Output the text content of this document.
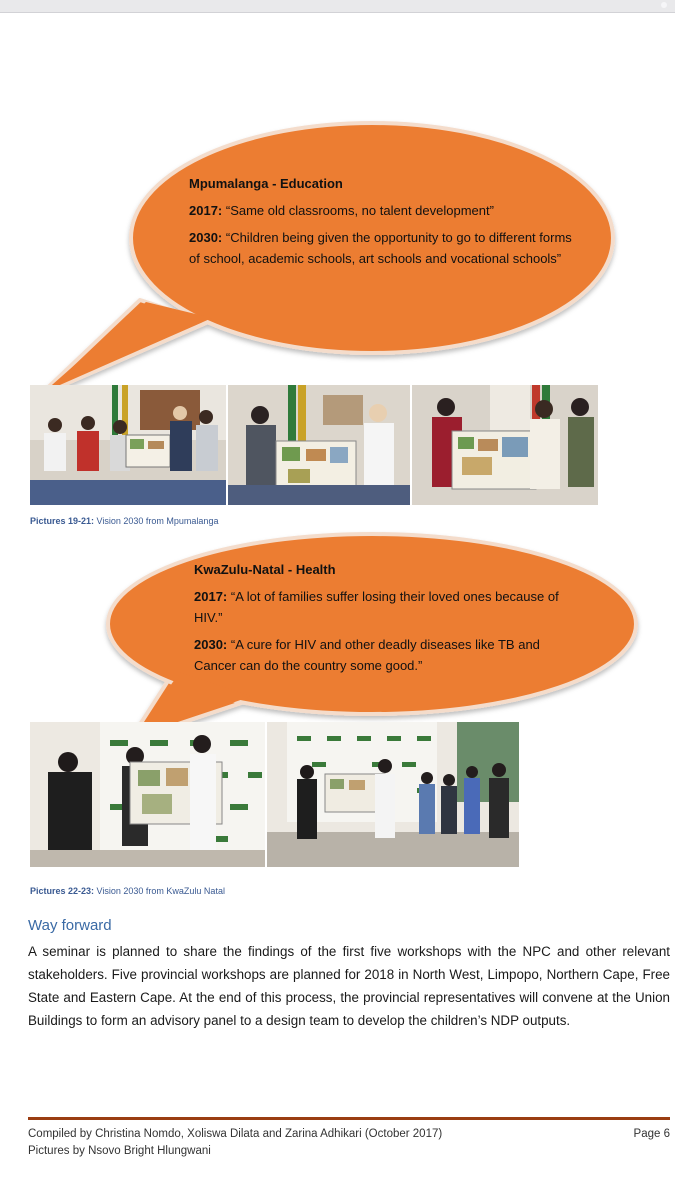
Mpumalanga - Education

2017: “Same old classrooms, no talent development”

2030: “Children being given the opportunity to go to different forms of school, academic schools, art schools and vocational schools”

KwaZulu-Natal - Health

2017: “A lot of families suffer losing their loved ones because of HIV.”

2030: “A cure for HIV and other deadly diseases like TB and Cancer can do the country some good.”

Pictures 19-21: Vision 2030 from Mpumalanga
Pictures 22-23: Vision 2030 from KwaZulu Natal
Way forward
A seminar is planned to share the findings of the first five workshops with the NPC and other relevant stakeholders. Five provincial workshops are planned for 2018 in North West, Limpopo, Northern Cape, Free State and Eastern Cape. At the end of this process, the provincial representatives will convene at the Union Buildings to form an advisory panel to a design team to develop the children’s NDP outputs.
Compiled by Christina Nomdo, Xoliswa Dilata and Zarina Adhikari (October 2017)
Pictures by Nsovo Bright Hlungwani
Page 6
